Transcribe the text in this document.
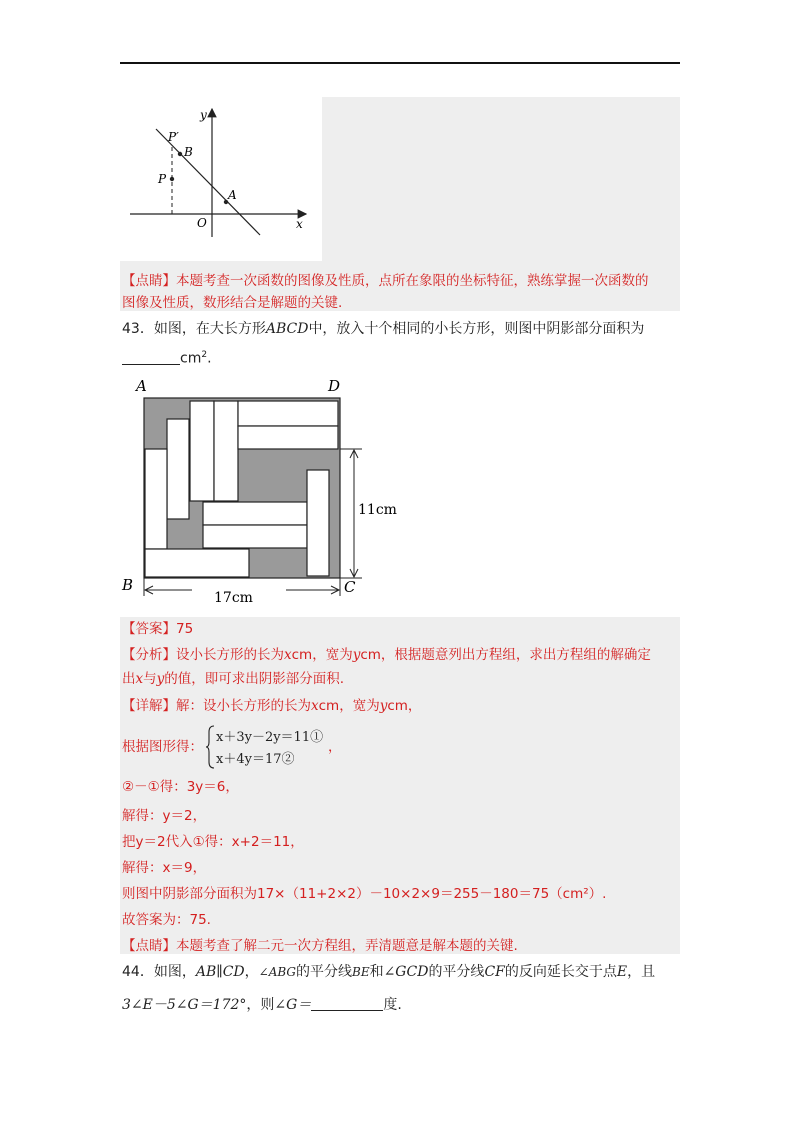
P′
B
P
A
O	x
y
【点睛】本题考查一次函数的图像及性质，点所在象限的坐标特征，熟练掌握一次函数的
图像及性质，数形结合是解题的关键.
43．如图，在大长方形ABCD中，放入十个相同的小长方形，则图中阴影部分面积为
$cm^2$.
A	D
B	C
11cm
17cm
【答案】75
【分析】设小长方形的长为xcm，宽为ycm，根据题意列出方程组，求出方程组的解确定
出x与y的值，即可求出阴影部分面积.
【详解】解：设小长方形的长为xcm，宽为ycm，
根据图形得：
x＋3y－2y＝11①
x＋4y＝17②
，
②－①得：3y＝6，
解得：y＝2，
把y＝2代入①得：x+2＝11，
解得：x＝9，
则图中阴影部分面积为17×（11+2×2）－10×2×9＝255－180＝75（cm²）.
故答案为：75.
【点睛】本题考查了解二元一次方程组，弄清题意是解本题的关键.
44．如图，AB∥CD，∠ABG的平分线BE和∠GCD的平分线CF的反向延长交于点E，且
3∠E－5∠G＝172°，则∠G＝	度.
